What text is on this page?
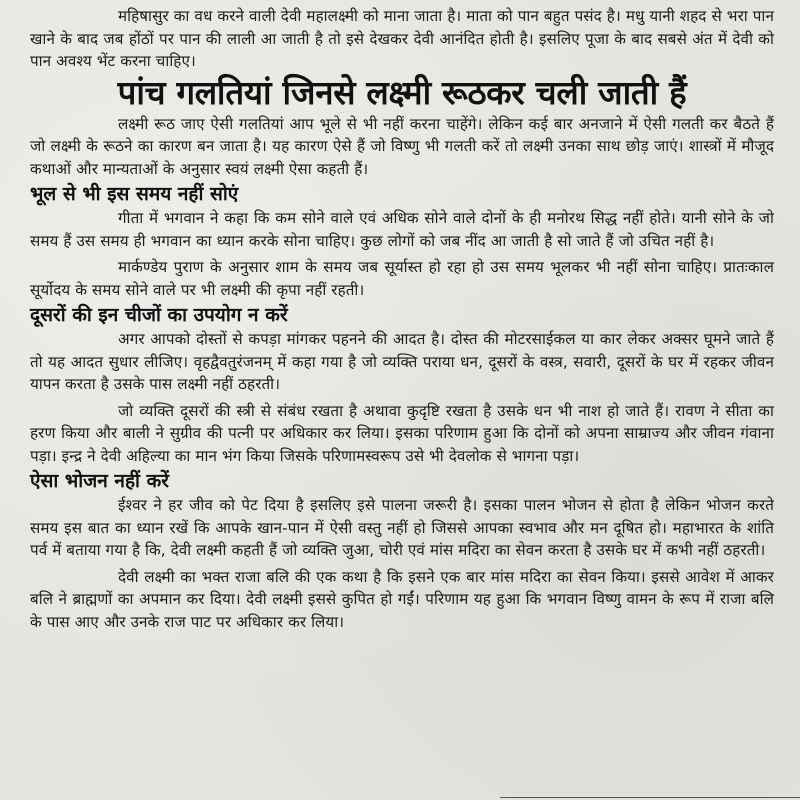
महिषासुर का वध करने वाली देवी महालक्ष्मी को माना जाता है। माता को पान बहुत पसंद है। मधु यानी शहद से भरा पान खाने के बाद जब होंठों पर पान की लाली आ जाती है तो इसे देखकर देवी आनंदित होती है। इसलिए पूजा के बाद सबसे अंत में देवी को पान अवश्य भेंट करना चाहिए।

पांच गलतियां जिनसे लक्ष्मी रूठकर चली जाती हैं

लक्ष्मी रूठ जाए ऐसी गलतियां आप भूले से भी नहीं करना चाहेंगे। लेकिन कई बार अनजाने में ऐसी गलती कर बैठते हैं जो लक्ष्मी के रूठने का कारण बन जाता है। यह कारण ऐसे हैं जो विष्णु भी गलती करें तो लक्ष्मी उनका साथ छोड़ जाएं। शास्त्रों में मौजूद कथाओं और मान्यताओं के अनुसार स्वयं लक्ष्मी ऐसा कहती हैं।

भूल से भी इस समय नहीं सोएं

गीता में भगवान ने कहा कि कम सोने वाले एवं अधिक सोने वाले दोनों के ही मनोरथ सिद्ध नहीं होते। यानी सोने के जो समय हैं उस समय ही भगवान का ध्यान करके सोना चाहिए। कुछ लोगों को जब नींद आ जाती है सो जाते हैं जो उचित नहीं है।

मार्कण्डेय पुराण के अनुसार शाम के समय जब सूर्यास्त हो रहा हो उस समय भूलकर भी नहीं सोना चाहिए। प्रातःकाल सूर्योदय के समय सोने वाले पर भी लक्ष्मी की कृपा नहीं रहती।

दूसरों की इन चीजों का उपयोग न करें

अगर आपको दोस्तों से कपड़ा मांगकर पहनने की आदत है। दोस्त की मोटरसाईकल या कार लेकर अक्सर घूमने जाते हैं तो यह आदत सुधार लीजिए। वृहद्वैवतुरंजनम् में कहा गया है जो व्यक्ति पराया धन, दूसरों के वस्त्र, सवारी, दूसरों के घर में रहकर जीवन यापन करता है उसके पास लक्ष्मी नहीं ठहरती।

जो व्यक्ति दूसरों की स्त्री से संबंध रखता है अथावा कुदृष्टि रखता है उसके धन भी नाश हो जाते हैं। रावण ने सीता का हरण किया और बाली ने सुग्रीव की पत्नी पर अधिकार कर लिया। इसका परिणाम हुआ कि दोनों को अपना साम्राज्य और जीवन गंवाना पड़ा। इन्द्र ने देवी अहिल्या का मान भंग किया जिसके परिणामस्वरूप उसे भी देवलोक से भागना पड़ा।

ऐसा भोजन नहीं करें

ईश्वर ने हर जीव को पेट दिया है इसलिए इसे पालना जरूरी है। इसका पालन भोजन से होता है लेकिन भोजन करते समय इस बात का ध्यान रखें कि आपके खान-पान में ऐसी वस्तु नहीं हो जिससे आपका स्वभाव और मन दूषित हो। महाभारत के शांति पर्व में बताया गया है कि, देवी लक्ष्मी कहती हैं जो व्यक्ति जुआ, चोरी एवं मांस मदिरा का सेवन करता है उसके घर में कभी नहीं ठहरती।

देवी लक्ष्मी का भक्त राजा बलि की एक कथा है कि इसने एक बार मांस मदिरा का सेवन किया। इससे आवेश में आकर बलि ने ब्राह्मणों का अपमान कर दिया। देवी लक्ष्मी इससे कुपित हो गईं। परिणाम यह हुआ कि भगवान विष्णु वामन के रूप में राजा बलि के पास आए और उनके राज पाट पर अधिकार कर लिया।
